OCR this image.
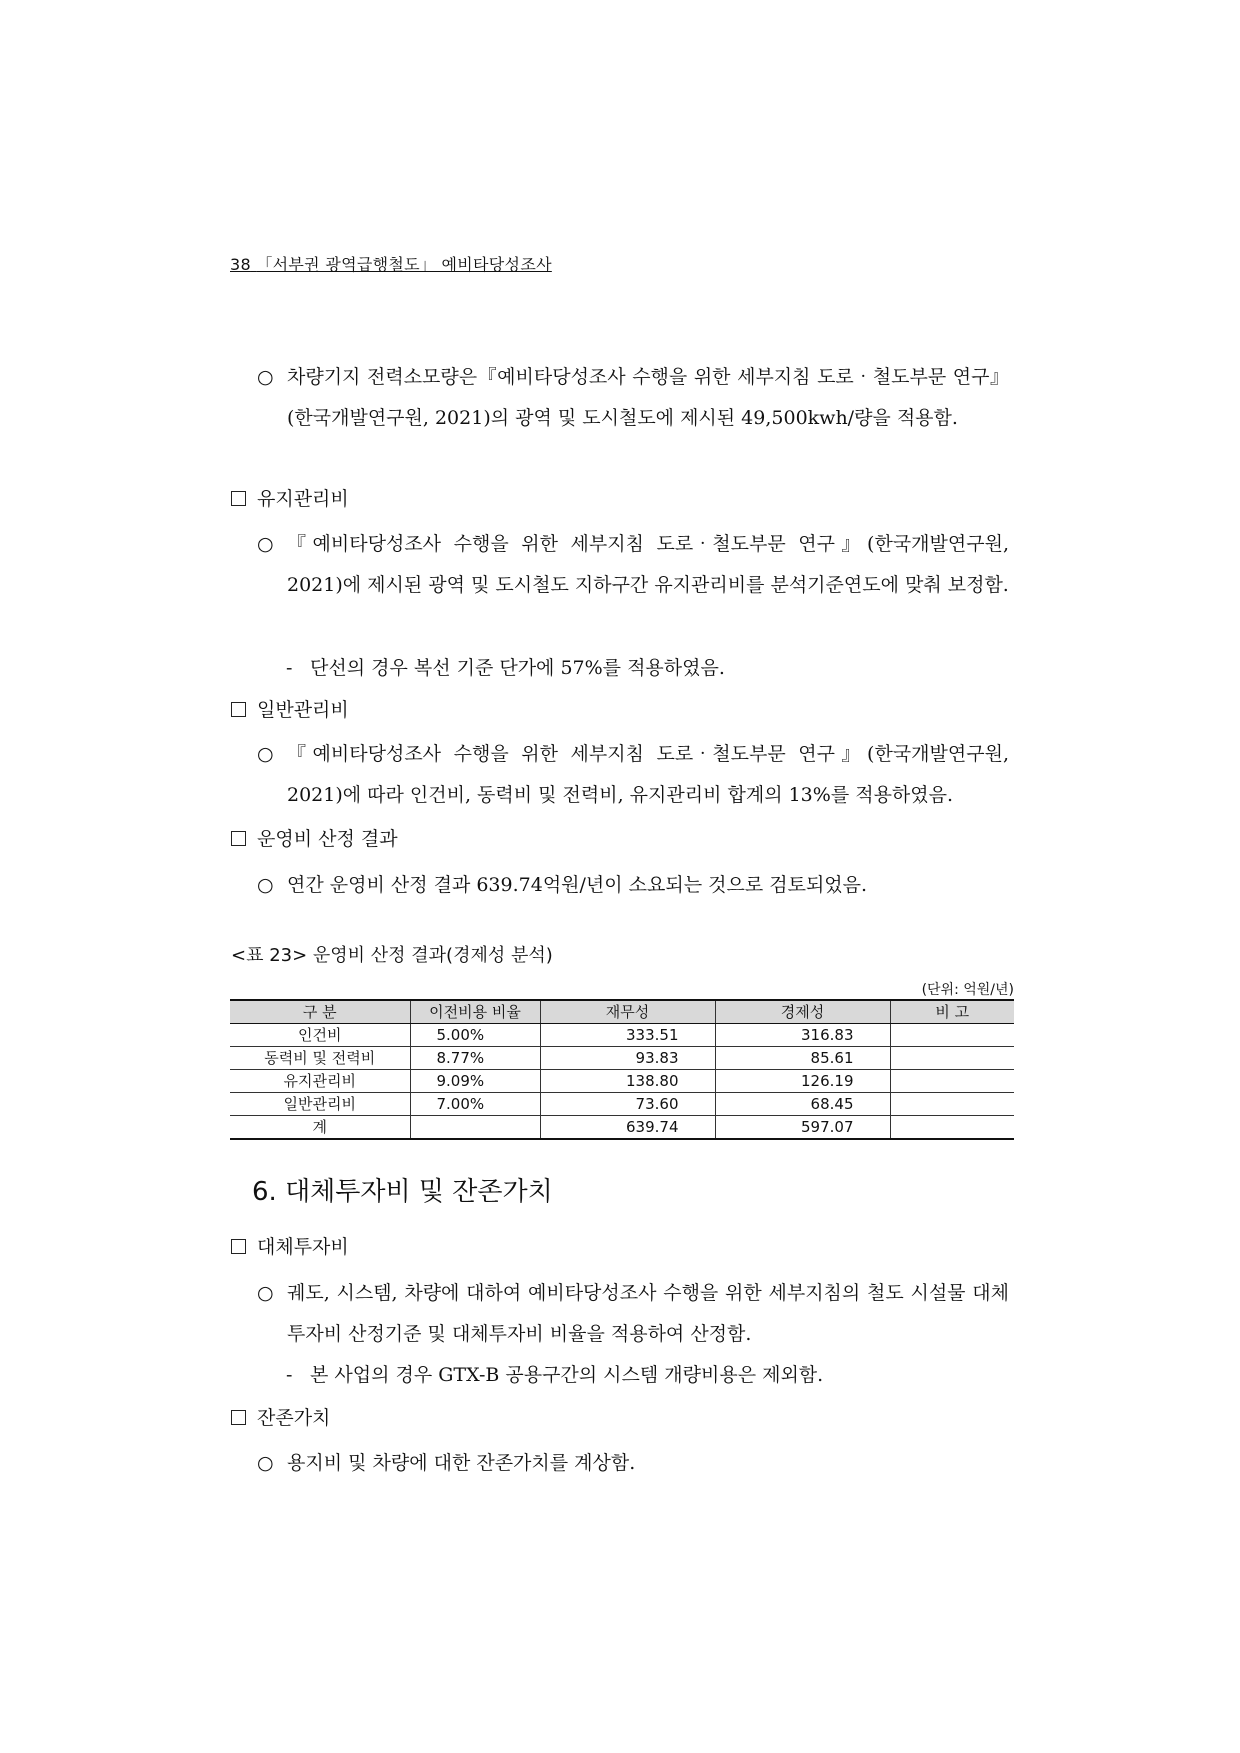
38 「서부권 광역급행철도」 예비타당성조사
○ 차량기지 전력소모량은『예비타당성조사 수행을 위한 세부지침 도로‧철도부문 연구』(한국개발연구원, 2021)의 광역 및 도시철도에 제시된 49,500kwh/량을 적용함.
유지관리비
○ 『예비타당성조사 수행을 위한 세부지침 도로‧철도부문 연구』(한국개발연구원, 2021)에 제시된 광역 및 도시철도 지하구간 유지관리비를 분석기준연도에 맞춰 보정함.
- 단선의 경우 복선 기준 단가에 57%를 적용하였음.
일반관리비
○ 『예비타당성조사 수행을 위한 세부지침 도로‧철도부문 연구』(한국개발연구원, 2021)에 따라 인건비, 동력비 및 전력비, 유지관리비 합계의 13%를 적용하였음.
운영비 산정 결과
○ 연간 운영비 산정 결과 639.74억원/년이 소요되는 것으로 검토되었음.
<표 23> 운영비 산정 결과(경제성 분석)
(단위: 억원/년)
구 분	이전비용 비율	재무성	경제성	비 고
인건비	5.00%	333.51	316.83	
동력비 및 전력비	8.77%	93.83	85.61	
유지관리비	9.09%	138.80	126.19	
일반관리비	7.00%	73.60	68.45	
계		639.74	597.07	
6. 대체투자비 및 잔존가치
대체투자비
○ 궤도, 시스템, 차량에 대하여 예비타당성조사 수행을 위한 세부지침의 철도 시설물 대체투자비 산정기준 및 대체투자비 비율을 적용하여 산정함.
- 본 사업의 경우 GTX-B 공용구간의 시스템 개량비용은 제외함.
잔존가치
○ 용지비 및 차량에 대한 잔존가치를 계상함.
